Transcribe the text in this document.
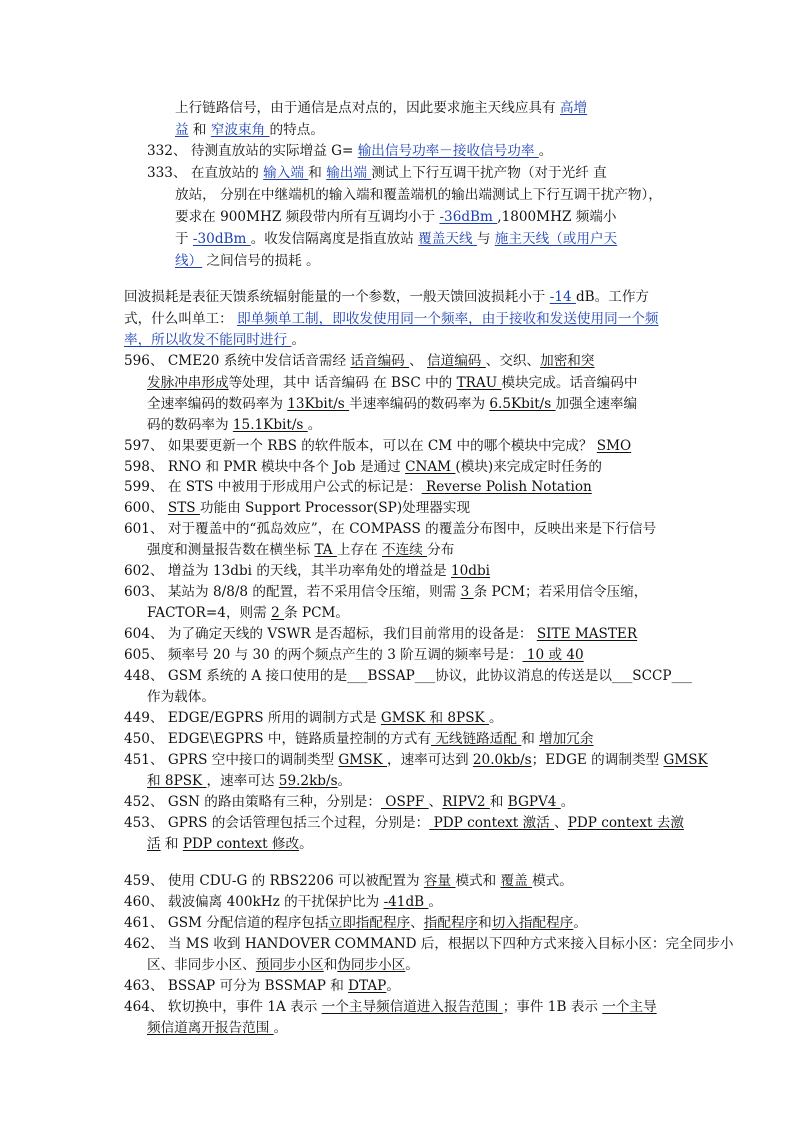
上行链路信号，由于通信是点对点的，因此要求施主天线应具有 高增
益 和 窄波束角 的特点。
332、 待测直放站的实际增益 G= 输出信号功率－接收信号功率 。
333、 在直放站的 输入端 和 输出端 测试上下行互调干扰产物（对于光纤 直
放站， 分别在中继端机的输入端和覆盖端机的输出端测试上下行互调干扰产物），
要求在 900MHZ 频段带内所有互调均小于 -36dBm ,1800MHZ 频端小
于 -30dBm 。收发信隔离度是指直放站 覆盖天线 与 施主天线（或用户天
线） 之间信号的损耗 。
回波损耗是表征天馈系统辐射能量的一个参数，一般天馈回波损耗小于 -14 dB。工作方
式，什么叫单工： 即单频单工制，即收发使用同一个频率，由于接收和发送使用同一个频
率，所以收发不能同时进行 。
596、 CME20 系统中发信话音需经 话音编码 、 信道编码 、交织、加密和突
发脉冲串形成等处理，其中 话音编码 在 BSC 中的 TRAU 模块完成。话音编码中
全速率编码的数码率为 13Kbit/s 半速率编码的数码率为 6.5Kbit/s 加强全速率编
码的数码率为 15.1Kbit/s 。
597、 如果要更新一个 RBS 的软件版本，可以在 CM 中的哪个模块中完成？ SMO
598、 RNO 和 PMR 模块中各个 Job 是通过 CNAM (模块)来完成定时任务的
599、 在 STS 中被用于形成用户公式的标记是： Reverse Polish Notation
600、 STS 功能由 Support Processor(SP)处理器实现
601、 对于覆盖中的“孤岛效应”，在 COMPASS 的覆盖分布图中，反映出来是下行信号
强度和测量报告数在横坐标 TA 上存在 不连续 分布
602、 增益为 13dbi 的天线，其半功率角处的增益是 10dbi
603、 某站为 8/8/8 的配置，若不采用信令压缩，则需 3 条 PCM；若采用信令压缩，
FACTOR=4，则需 2 条 PCM。
604、 为了确定天线的 VSWR 是否超标，我们目前常用的设备是： SITE MASTER
605、 频率号 20 与 30 的两个频点产生的 3 阶互调的频率号是： 10 或 40
448、 GSM 系统的 A 接口使用的是___BSSAP___协议，此协议消息的传送是以___SCCP___
作为载体。
449、 EDGE/EGPRS 所用的调制方式是 GMSK 和 8PSK 。
450、 EDGE\EGPRS 中，链路质量控制的方式有 无线链路适配 和 增加冗余
451、 GPRS 空中接口的调制类型 GMSK ，速率可达到 20.0kb/s；EDGE 的调制类型 GMSK
和 8PSK ，速率可达 59.2kb/s。
452、 GSN 的路由策略有三种，分别是： OSPF 、RIPV2 和 BGPV4 。
453、 GPRS 的会话管理包括三个过程，分别是： PDP context 激活 、PDP context 去激
活 和 PDP context 修改。
459、 使用 CDU-G 的 RBS2206 可以被配置为 容量 模式和 覆盖 模式。
460、 载波偏离 400kHz 的干扰保护比为 -41dB 。
461、 GSM 分配信道的程序包括立即指配程序、指配程序和切入指配程序。
462、 当 MS 收到 HANDOVER COMMAND 后，根据以下四种方式来接入目标小区：完全同步小
区、非同步小区、预同步小区和伪同步小区。
463、 BSSAP 可分为 BSSMAP 和 DTAP。
464、 软切换中，事件 1A 表示 一个主导频信道进入报告范围 ；事件 1B 表示 一个主导
频信道离开报告范围 。
